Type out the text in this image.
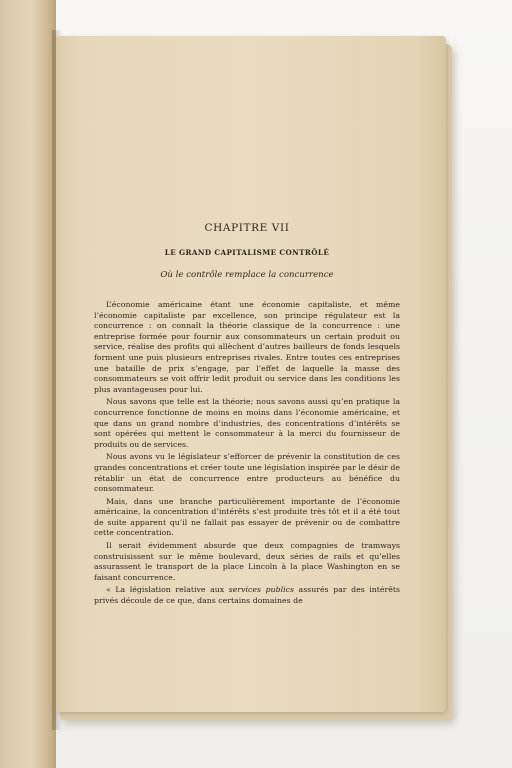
CHAPITRE VII
LE GRAND CAPITALISME CONTRÔLÉ
Où le contrôle remplace la concurrence

L’économie américaine étant une économie capitaliste, et même l’économie capitaliste par excellence, son principe régulateur est la concurrence : on connaît la théorie classique de la concurrence : une entreprise formée pour fournir aux consommateurs un certain produit ou service, réalise des profits qui allèchent d’autres bailleurs de fonds lesquels forment une puis plusieurs entreprises rivales. Entre toutes ces entreprises une bataille de prix s’engage, par l’effet de laquelle la masse des consommateurs se voit offrir ledit produit ou service dans les conditions les plus avantageuses pour lui.

Nous savons que telle est la théorie; nous savons aussi qu’en pratique la concurrence fonctionne de moins en moins dans l’économie américaine, et que dans un grand nombre d’industries, des concentrations d’intérêts se sont opérées qui mettent le consommateur à la merci du fournisseur de produits ou de services.

Nous avons vu le législateur s’efforcer de prévenir la constitution de ces grandes concentrations et créer toute une législation inspirée par le désir de rétablir un état de concurrence entre producteurs au bénéfice du consommateur.

Mais, dans une branche particulièrement importante de l’économie américaine, la concentration d’intérêts s’est produite très tôt et il a été tout de suite apparent qu’il ne fallait pas essayer de prévenir ou de combattre cette concentration.

Il serait évidemment absurde que deux compagnies de tramways construisissent sur le même boulevard, deux séries de rails et qu’elles assurassent le transport de la place Lincoln à la place Washington en se faisant concurrence.

« La législation relative aux services publics assurés par des intérêts privés découle de ce que, dans certains domaines de
